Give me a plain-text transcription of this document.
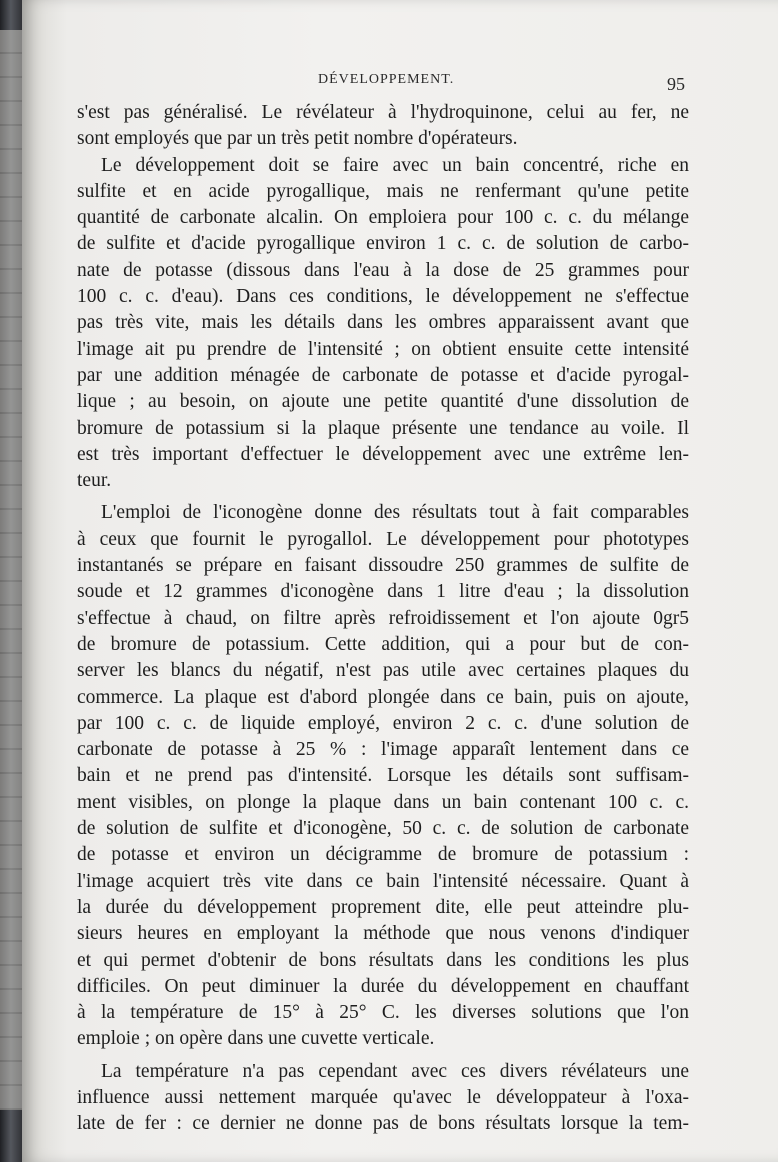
DÉVELOPPEMENT.	95
s'est pas généralisé. Le révélateur à l'hydroquinone, celui au fer, ne
sont employés que par un très petit nombre d'opérateurs.
Le développement doit se faire avec un bain concentré, riche en
sulfite et en acide pyrogallique, mais ne renfermant qu'une petite
quantité de carbonate alcalin. On emploiera pour 100 c. c. du mélange
de sulfite et d'acide pyrogallique environ 1 c. c. de solution de carbo-
nate de potasse (dissous dans l'eau à la dose de 25 grammes pour
100 c. c. d'eau). Dans ces conditions, le développement ne s'effectue
pas très vite, mais les détails dans les ombres apparaissent avant que
l'image ait pu prendre de l'intensité ; on obtient ensuite cette intensité
par une addition ménagée de carbonate de potasse et d'acide pyrogal-
lique ; au besoin, on ajoute une petite quantité d'une dissolution de
bromure de potassium si la plaque présente une tendance au voile. Il
est très important d'effectuer le développement avec une extrême len-
teur.
L'emploi de l'iconogène donne des résultats tout à fait comparables
à ceux que fournit le pyrogallol. Le développement pour phototypes
instantanés se prépare en faisant dissoudre 250 grammes de sulfite de
soude et 12 grammes d'iconogène dans 1 litre d'eau ; la dissolution
s'effectue à chaud, on filtre après refroidissement et l'on ajoute 0gr5
de bromure de potassium. Cette addition, qui a pour but de con-
server les blancs du négatif, n'est pas utile avec certaines plaques du
commerce. La plaque est d'abord plongée dans ce bain, puis on ajoute,
par 100 c. c. de liquide employé, environ 2 c. c. d'une solution de
carbonate de potasse à 25 % : l'image apparaît lentement dans ce
bain et ne prend pas d'intensité. Lorsque les détails sont suffisam-
ment visibles, on plonge la plaque dans un bain contenant 100 c. c.
de solution de sulfite et d'iconogène, 50 c. c. de solution de carbonate
de potasse et environ un décigramme de bromure de potassium :
l'image acquiert très vite dans ce bain l'intensité nécessaire. Quant à
la durée du développement proprement dite, elle peut atteindre plu-
sieurs heures en employant la méthode que nous venons d'indiquer
et qui permet d'obtenir de bons résultats dans les conditions les plus
difficiles. On peut diminuer la durée du développement en chauffant
à la température de 15° à 25° C. les diverses solutions que l'on
emploie ; on opère dans une cuvette verticale.
La température n'a pas cependant avec ces divers révélateurs une
influence aussi nettement marquée qu'avec le développateur à l'oxa-
late de fer : ce dernier ne donne pas de bons résultats lorsque la tem-
